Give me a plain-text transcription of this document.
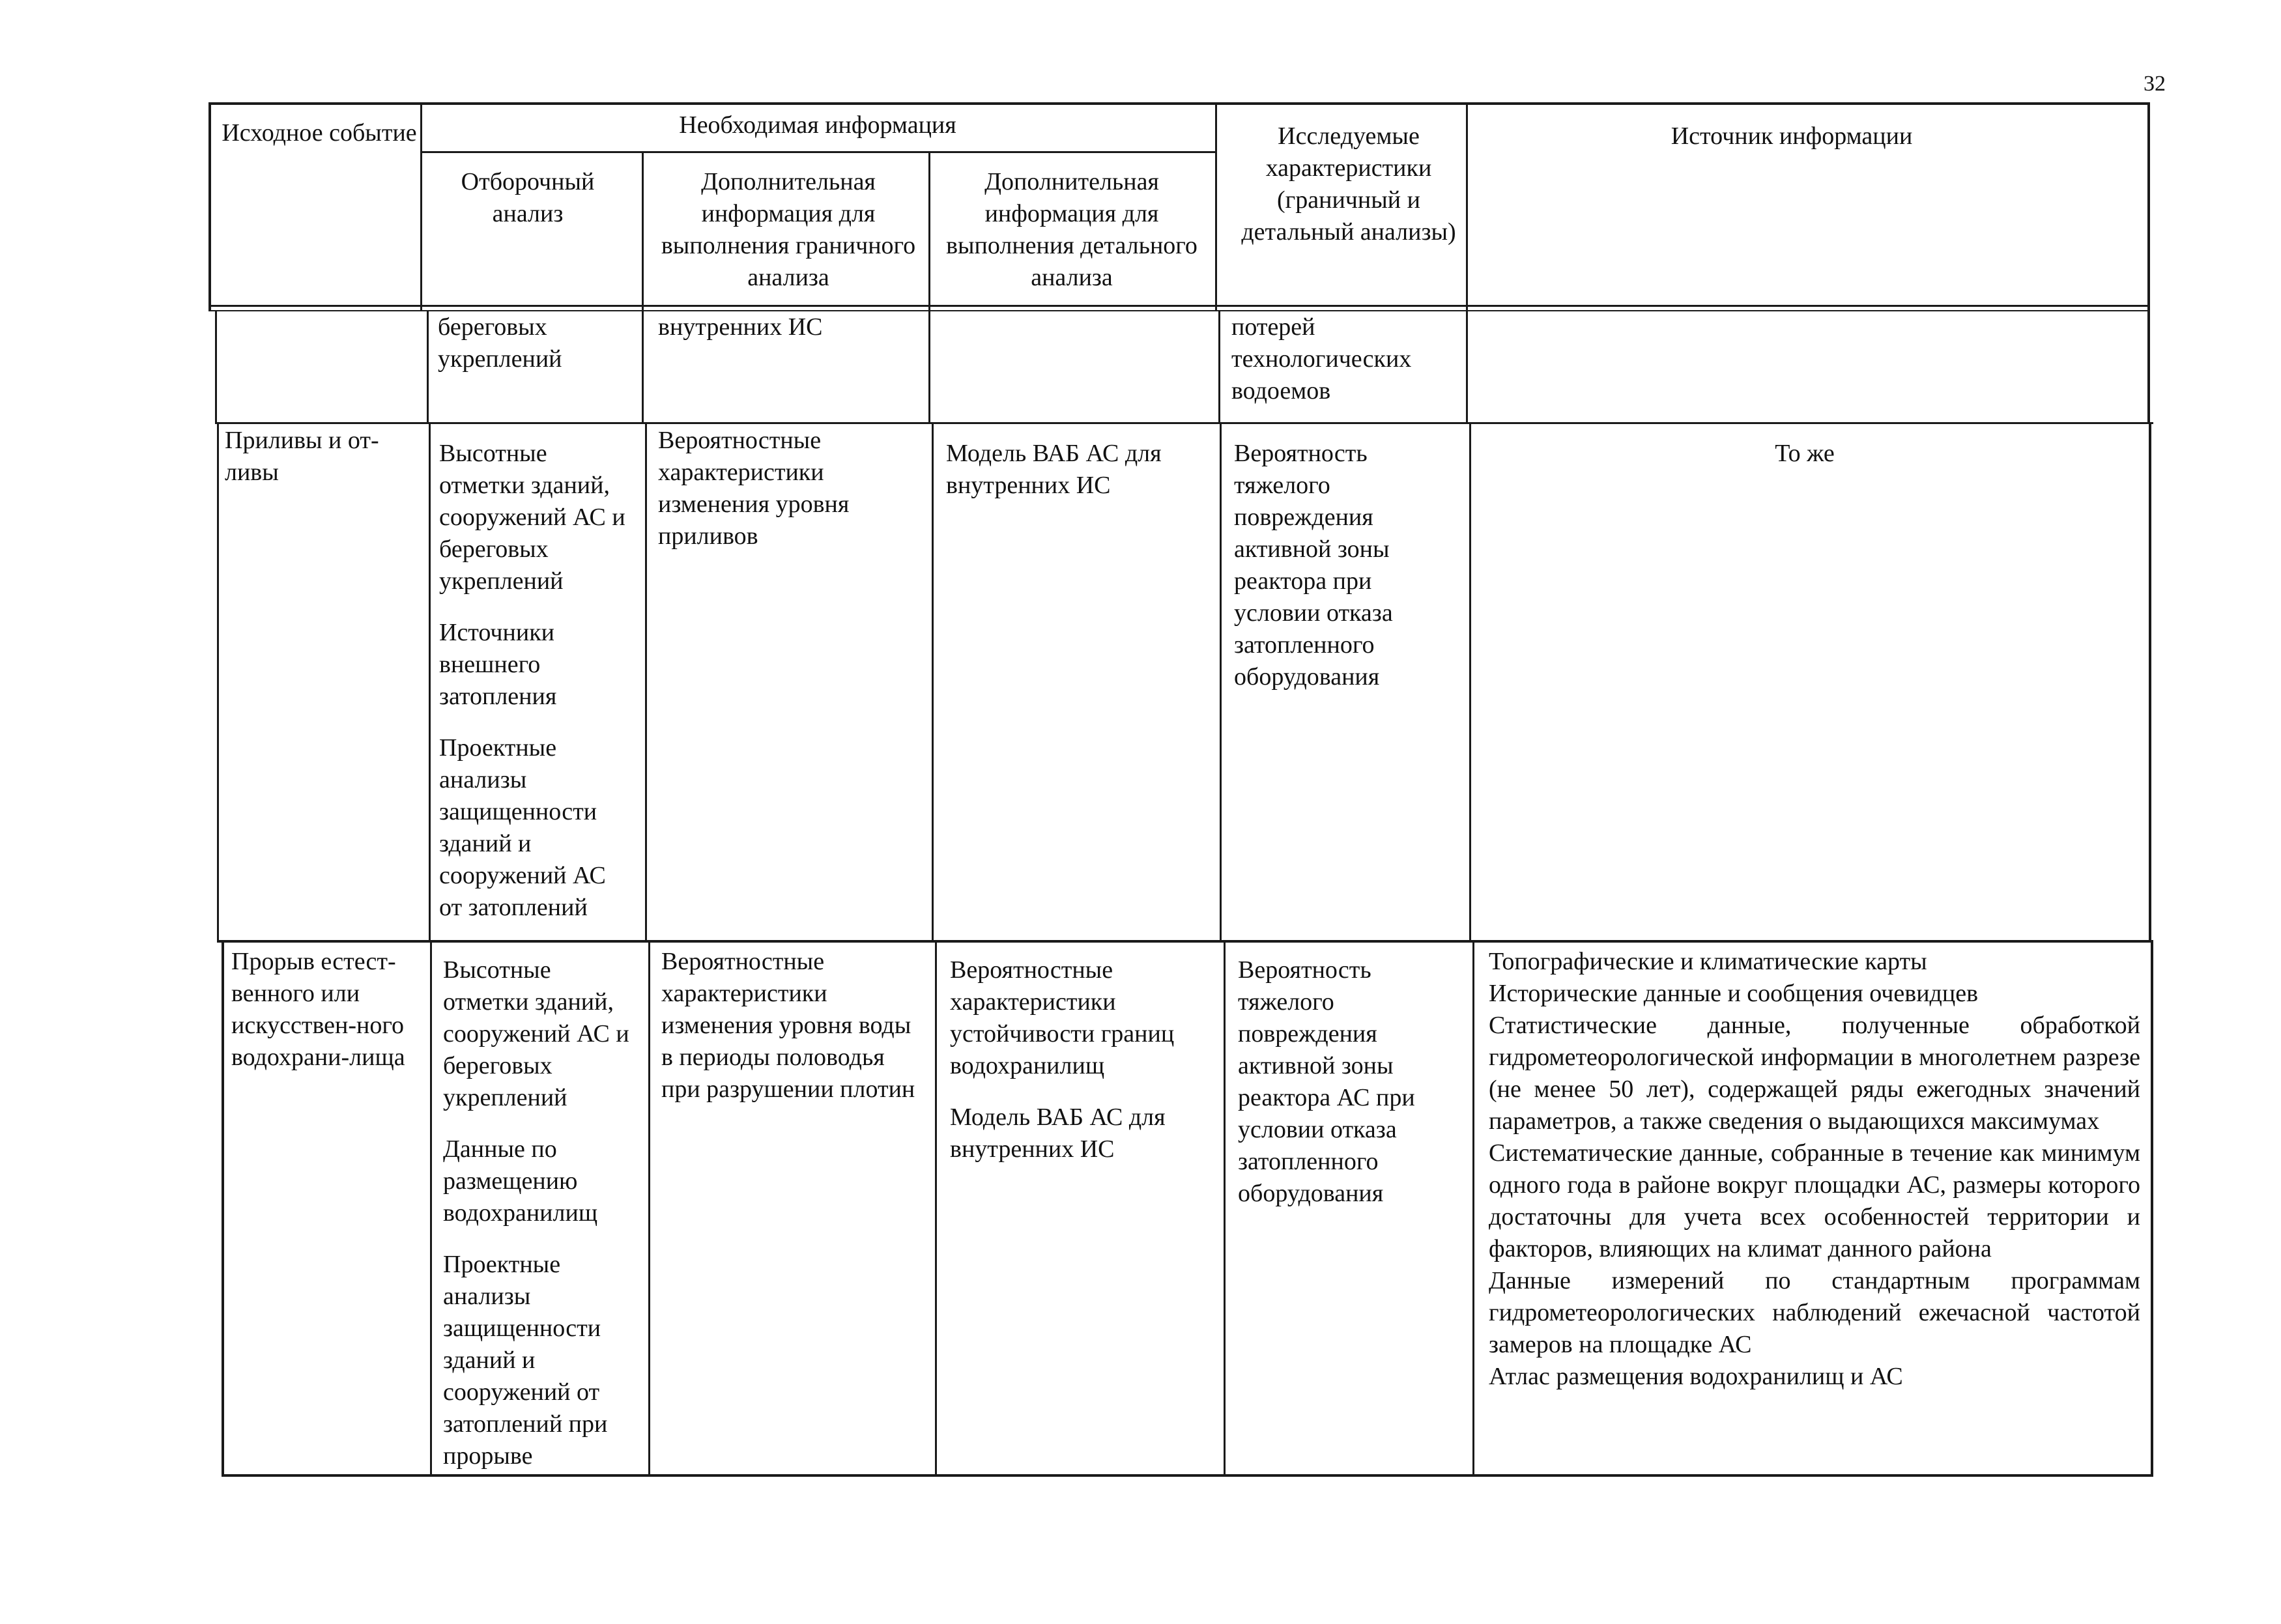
32
Исходное событие	Необходимая информация
Отборочный анализ
Дополнительная информация для выполнения граничного анализа
Дополнительная информация для выполнения детального анализа
Исследуемые характеристики (граничный и детальный анализы)
Источник информации
береговых укреплений
внутренних ИС	потерей технологических водоемов
Приливы и от-ливы
Высотные отметки зданий, сооружений АС и береговых укреплений
Источники внешнего затопления
Проектные анализы защищенности зданий и сооружений АС от затоплений
Вероятностные характеристики изменения уровня приливов
Модель ВАБ АС для внутренних ИС
Вероятность тяжелого повреждения активной зоны реактора при условии отказа затопленного оборудования
То же
Прорыв естест-венного или искусствен-ного водохрани-лища
Высотные отметки зданий, сооружений АС и береговых укреплений
Данные по размещению водохранилищ
Проектные анализы защищенности зданий и сооружений от затоплений при прорыве
Вероятностные характеристики изменения уровня воды в периоды половодья при разрушении плотин
Вероятностные характеристики устойчивости границ водохранилищ
Модель ВАБ АС для внутренних ИС
Вероятность тяжелого повреждения активной зоны реактора АС при условии отказа затопленного оборудования
Топографические и климатические карты
Исторические данные и сообщения очевидцев
Статистические данные, полученные обработкой гидрометеорологической информации в многолетнем разрезе (не менее 50 лет), содержащей ряды ежегодных значений параметров, а также сведения о выдающихся максимумах
Систематические данные, собранные в течение как минимум одного года в районе вокруг площадки АС, размеры которого достаточны для учета всех особенностей территории и факторов, влияющих на климат данного района
Данные измерений по стандартным программам гидрометеорологических наблюдений ежечасной частотой замеров на площадке АС
Атлас размещения водохранилищ и АС
